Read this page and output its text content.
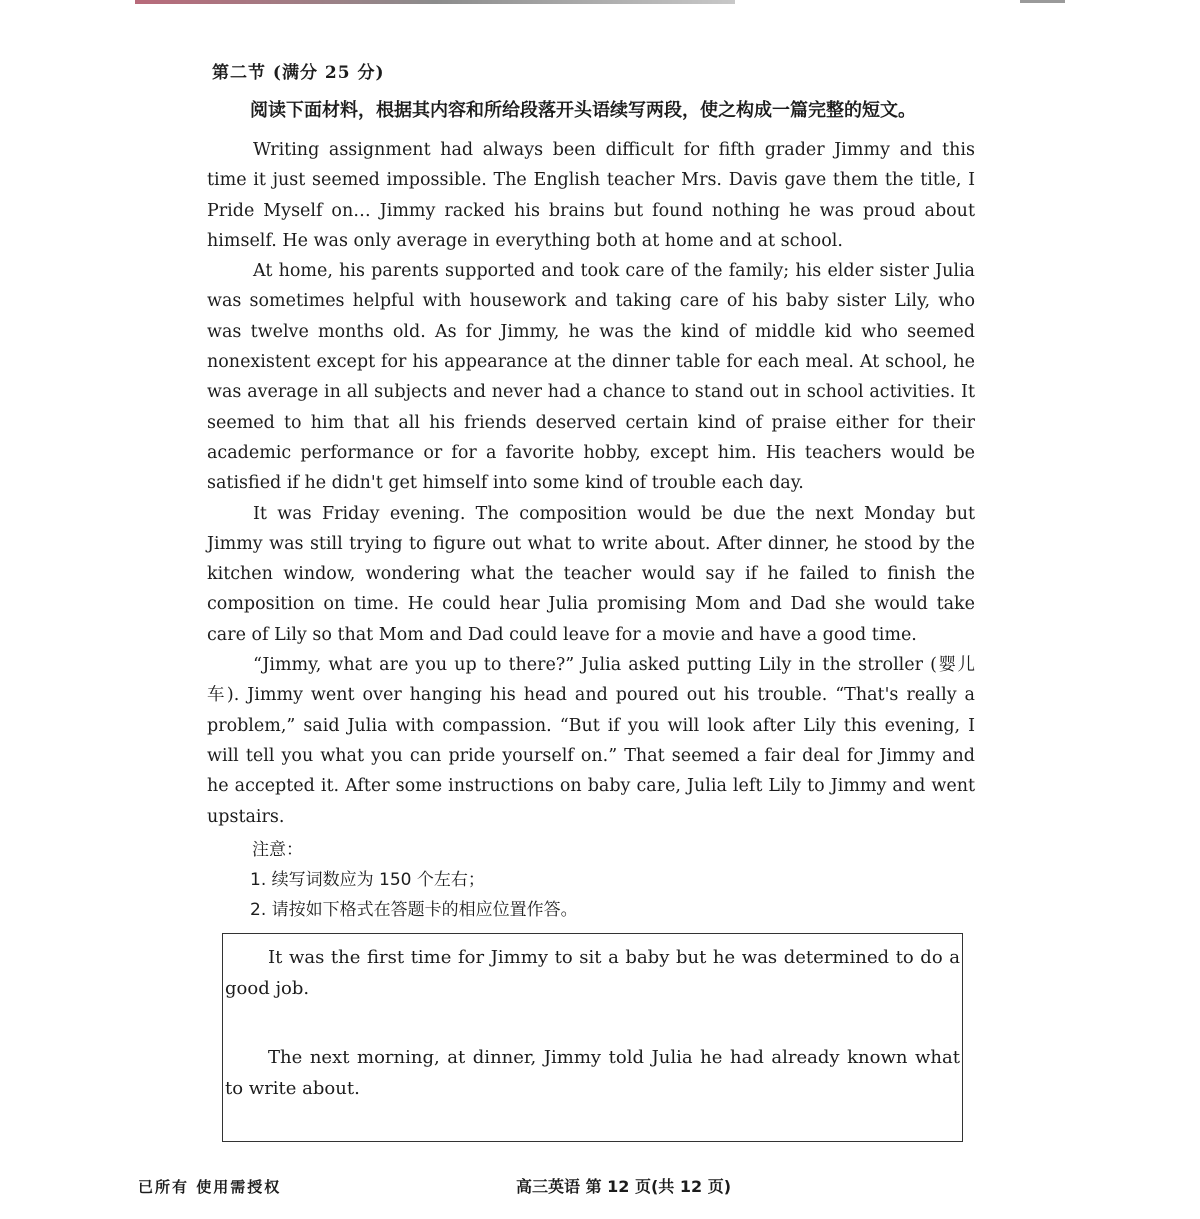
第二节 (满分 25 分)

阅读下面材料，根据其内容和所给段落开头语续写两段，使之构成一篇完整的短文。

Writing assignment had always been difficult for fifth grader Jimmy and this time it just seemed impossible. The English teacher Mrs. Davis gave them the title, I Pride Myself on… Jimmy racked his brains but found nothing he was proud about himself. He was only average in everything both at home and at school.

At home, his parents supported and took care of the family; his elder sister Julia was sometimes helpful with housework and taking care of his baby sister Lily, who was twelve months old. As for Jimmy, he was the kind of middle kid who seemed nonexistent except for his appearance at the dinner table for each meal. At school, he was average in all subjects and never had a chance to stand out in school activities. It seemed to him that all his friends deserved certain kind of praise either for their academic performance or for a favorite hobby, except him. His teachers would be satisfied if he didn't get himself into some kind of trouble each day.

It was Friday evening. The composition would be due the next Monday but Jimmy was still trying to figure out what to write about. After dinner, he stood by the kitchen window, wondering what the teacher would say if he failed to finish the composition on time. He could hear Julia promising Mom and Dad she would take care of Lily so that Mom and Dad could leave for a movie and have a good time.

“Jimmy, what are you up to there?” Julia asked putting Lily in the stroller (婴儿车). Jimmy went over hanging his head and poured out his trouble. “That's really a problem,” said Julia with compassion. “But if you will look after Lily this evening, I will tell you what you can pride yourself on.” That seemed a fair deal for Jimmy and he accepted it. After some instructions on baby care, Julia left Lily to Jimmy and went upstairs.

注意：
1. 续写词数应为 150 个左右；
2. 请按如下格式在答题卡的相应位置作答。

It was the first time for Jimmy to sit a baby but he was determined to do a good job.

The next morning, at dinner, Jimmy told Julia he had already known what to write about.

已所有 使用需授权	高三英语 第 12 页(共 12 页)
